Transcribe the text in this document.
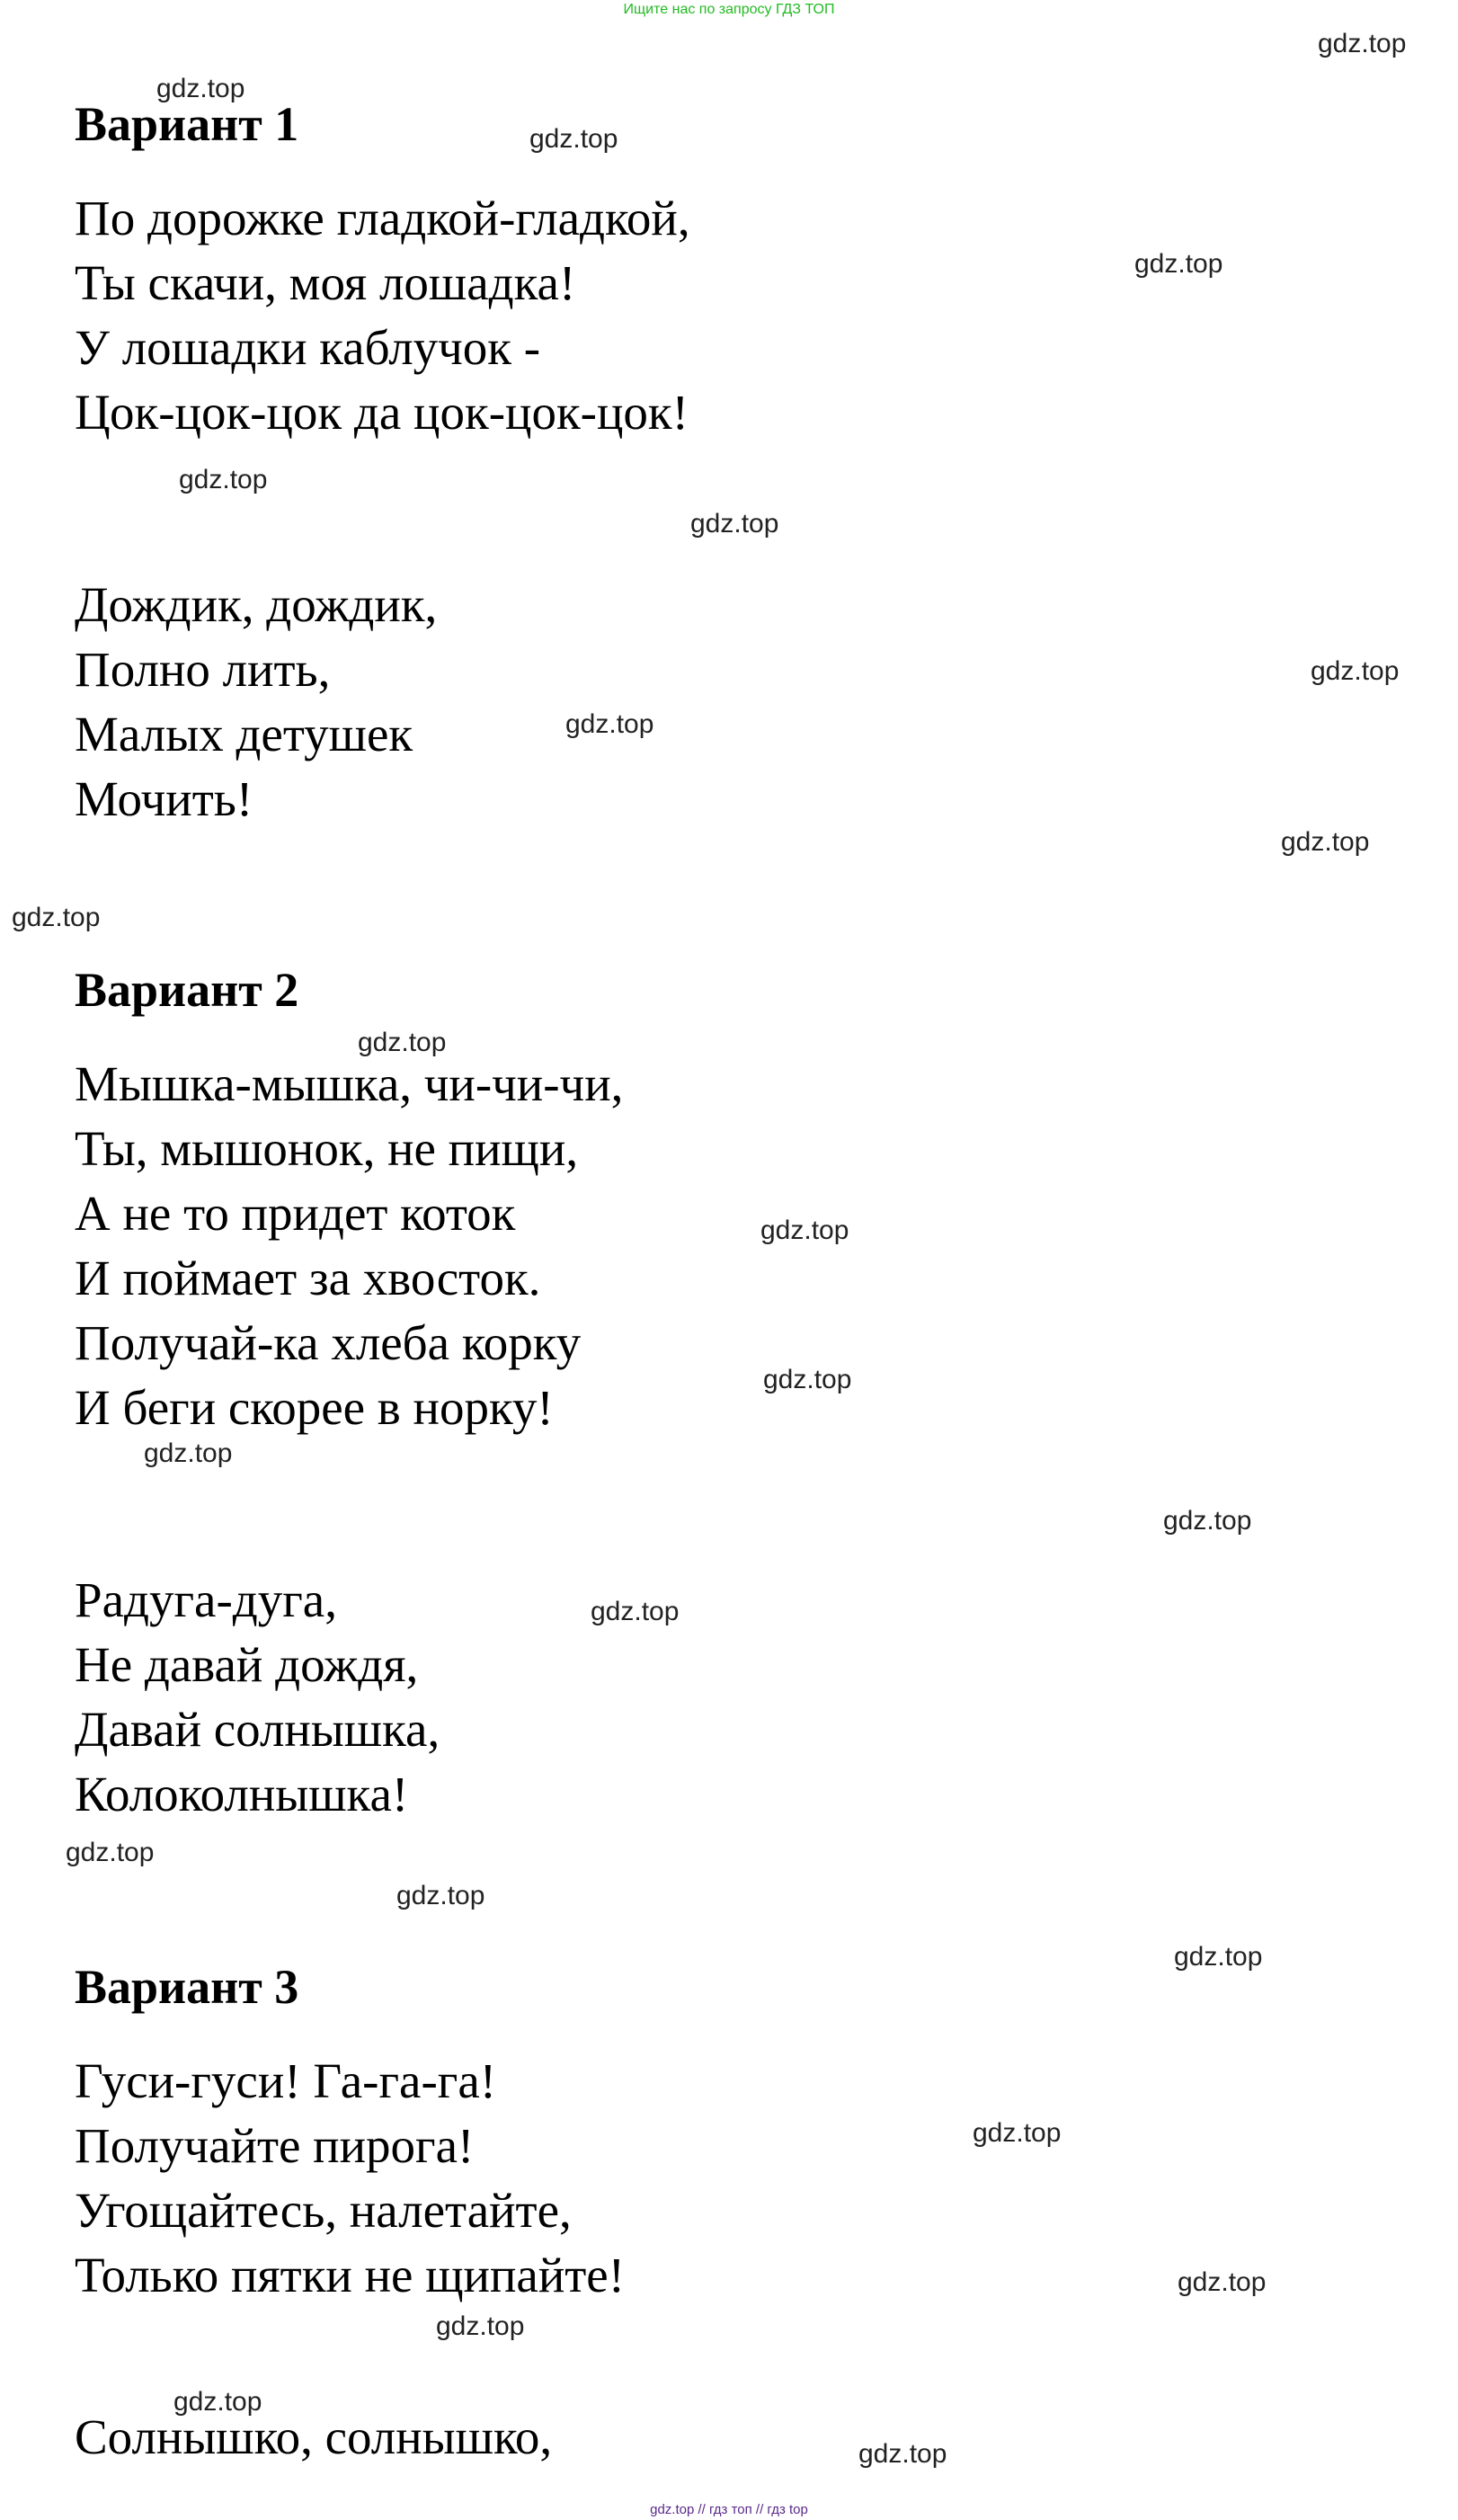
Ищите нас по запросу ГДЗ ТОП
Вариант 1
По дорожке гладкой-гладкой,
Ты скачи, моя лошадка!
У лошадки каблучок -
Цок-цок-цок да цок-цок-цок!
Дождик, дождик,
Полно лить,
Малых детушек
Мочить!
Вариант 2
Мышка-мышка, чи-чи-чи,
Ты, мышонок, не пищи,
А не то придет коток
И поймает за хвосток.
Получай-ка хлеба корку
И беги скорее в норку!
Радуга-дуга,
Не давай дождя,
Давай солнышка,
Колоколнышка!
Вариант 3
Гуси-гуси! Га-га-га!
Получайте пирога!
Угощайтесь, налетайте,
Только пятки не щипайте!
Солнышко, солнышко,
gdz.top
gdz.top
gdz.top
gdz.top
gdz.top
gdz.top
gdz.top
gdz.top
gdz.top
gdz.top
gdz.top
gdz.top
gdz.top
gdz.top
gdz.top
gdz.top
gdz.top
gdz.top
gdz.top
gdz.top
gdz.top
gdz.top
gdz.top
gdz.top
gdz.top // гдз топ // гдз top
